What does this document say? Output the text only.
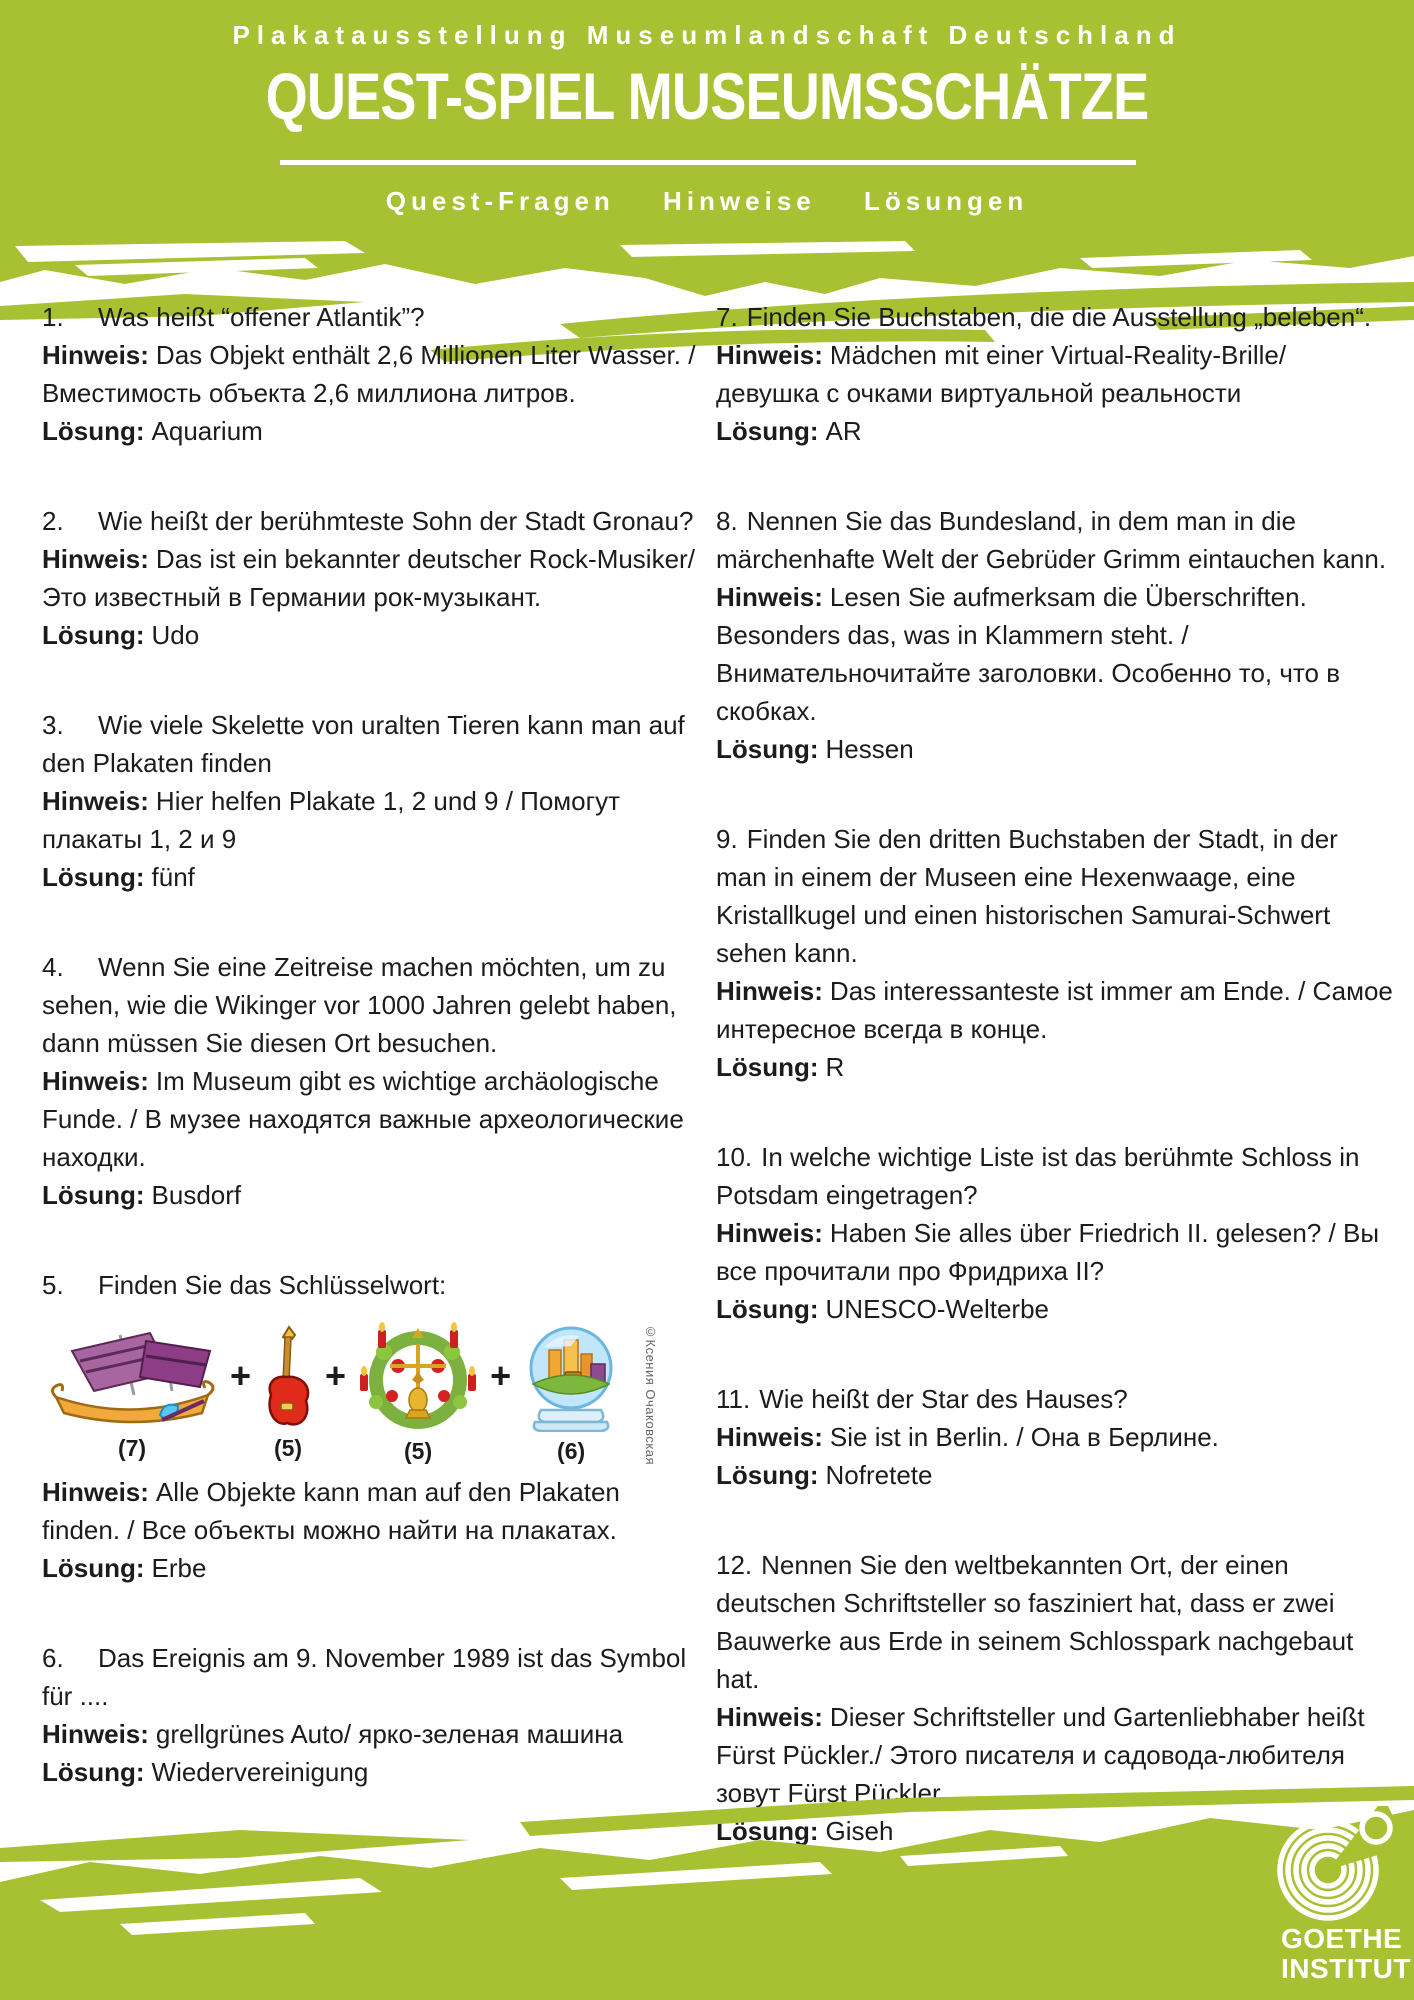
Plakatausstellung Museumlandschaft Deutschland
QUEST-SPIEL MUSEUMSSCHÄTZE
Quest-Fragen Hinweise Lösungen

1. Was heißt “offener Atlantik”?

Hinweis: Das Objekt enthält 2,6 Millionen Liter Wasser. / Вместимость объекта 2,6 миллиона литров.

Lösung: Aquarium

2. Wie heißt der berühmteste Sohn der Stadt Gronau?

Hinweis: Das ist ein bekannter deutscher Rock-Musiker/ Это известный в Германии рок-музыкант.

Lösung: Udo

3. Wie viele Skelette von uralten Tieren kann man auf den Plakaten finden

Hinweis: Hier helfen Plakate 1, 2 und 9 / Помогут плакаты 1, 2 и 9

Lösung: fünf

4. Wenn Sie eine Zeitreise machen möchten, um zu sehen, wie die Wikinger vor 1000 Jahren gelebt haben, dann müssen Sie diesen Ort besuchen.

Hinweis: Im Museum gibt es wichtige archäologische Funde. / В музее находятся важные археологические находки.

Lösung: Busdorf

5. Finden Sie das Schlüsselwort:

(7)
+
(5)
+
(5)
+
(6)	©Ксения Очаковская

Hinweis: Alle Objekte kann man auf den Plakaten finden. / Все объекты можно найти на плакатах.

Lösung: Erbe

6. Das Ereignis am 9. November 1989 ist das Symbol für ....

Hinweis: grellgrünes Auto/ ярко-зеленая машина

Lösung: Wiedervereinigung

7. Finden Sie Buchstaben, die die Ausstellung „beleben“.

Hinweis: Mädchen mit einer Virtual-Reality-Brille/ девушка с очками виртуальной реальности

Lösung: AR

8. Nennen Sie das Bundesland, in dem man in die märchenhafte Welt der Gebrüder Grimm eintauchen kann.

Hinweis: Lesen Sie aufmerksam die Überschriften. Besonders das, was in Klammern steht. / Внимательночитайте заголовки. Особенно то, что в скобках.

Lösung: Hessen

9. Finden Sie den dritten Buchstaben der Stadt, in der man in einem der Museen eine Hexenwaage, eine Kristallkugel und einen historischen Samurai-Schwert sehen kann.

Hinweis: Das interessanteste ist immer am Ende. / Самое интересное всегда в конце.

Lösung: R

10. In welche wichtige Liste ist das berühmte Schloss in Potsdam eingetragen?

Hinweis: Haben Sie alles über Friedrich II. gelesen? / Вы все прочитали про Фридриха II?

Lösung: UNESCO-Welterbe

11. Wie heißt der Star des Hauses?

Hinweis: Sie ist in Berlin. / Она в Берлине.

Lösung: Nofretete

12. Nennen Sie den weltbekannten Ort, der einen deutschen Schriftsteller so fasziniert hat, dass er zwei Bauwerke aus Erde in seinem Schlosspark nachgebaut hat.

Hinweis: Dieser Schriftsteller und Gartenliebhaber heißt Fürst Pückler./ Этого писателя и садовода-любителя зовут Fürst Pückler

Lösung: Giseh

GOETHE
INSTITUT
